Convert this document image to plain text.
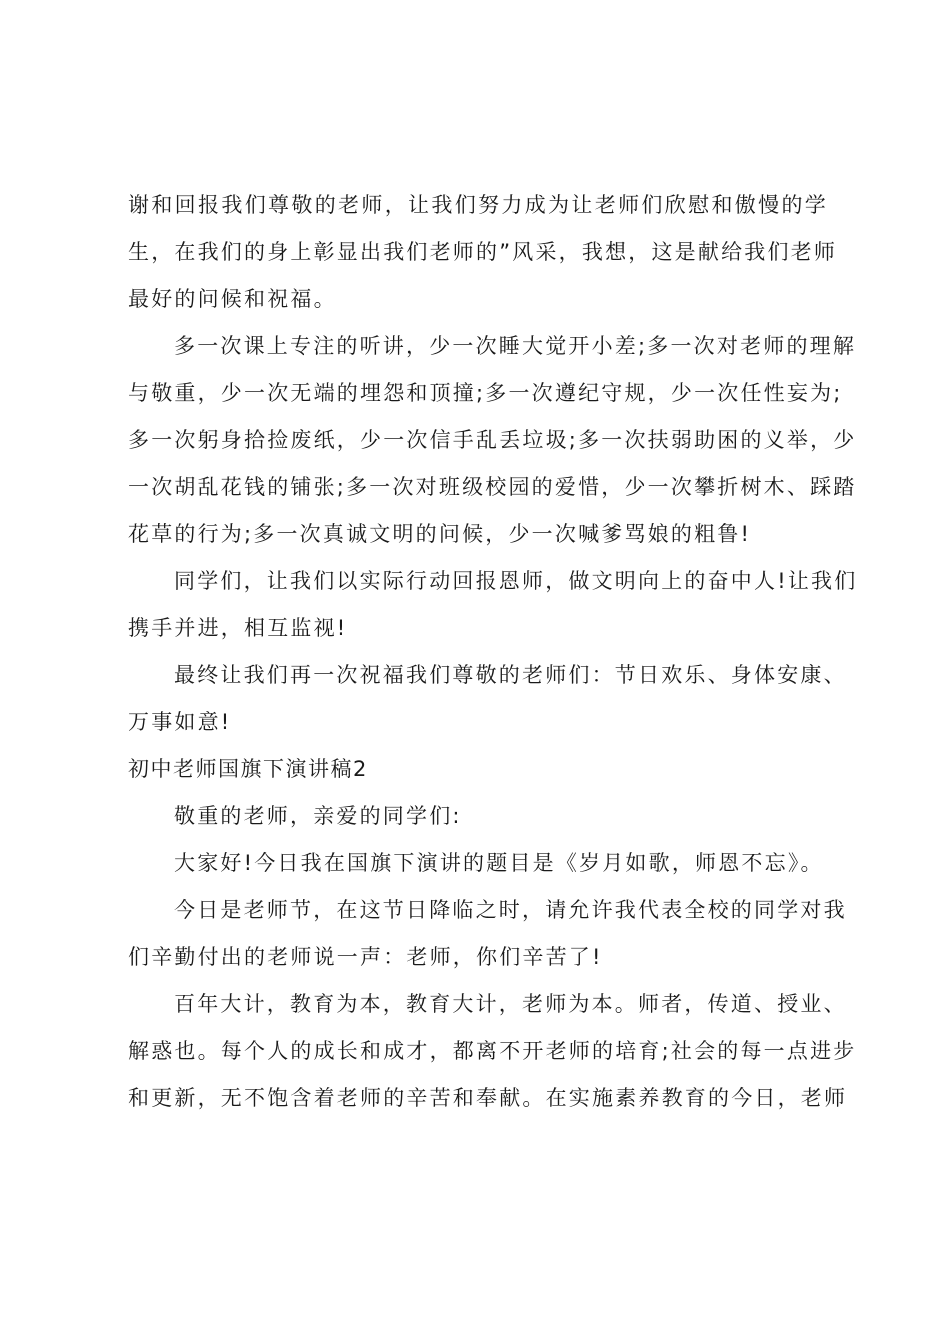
谢和回报我们尊敬的老师，让我们努力成为让老师们欣慰和傲慢的学
生，在我们的身上彰显出我们老师的”风采，我想，这是献给我们老师
最好的问候和祝福。
多一次课上专注的听讲，少一次睡大觉开小差;多一次对老师的理解
与敬重，少一次无端的埋怨和顶撞;多一次遵纪守规，少一次任性妄为;
多一次躬身拾捡废纸，少一次信手乱丢垃圾;多一次扶弱助困的义举，少
一次胡乱花钱的铺张;多一次对班级校园的爱惜，少一次攀折树木、踩踏
花草的行为;多一次真诚文明的问候，少一次喊爹骂娘的粗鲁!
同学们，让我们以实际行动回报恩师，做文明向上的奋中人!让我们
携手并进，相互监视!
最终让我们再一次祝福我们尊敬的老师们：节日欢乐、身体安康、
万事如意!
初中老师国旗下演讲稿2
敬重的老师，亲爱的同学们:
大家好!今日我在国旗下演讲的题目是《岁月如歌，师恩不忘》。
今日是老师节，在这节日降临之时，请允许我代表全校的同学对我
们辛勤付出的老师说一声：老师，你们辛苦了!
百年大计，教育为本，教育大计，老师为本。师者，传道、授业、
解惑也。每个人的成长和成才，都离不开老师的培育;社会的每一点进步
和更新，无不饱含着老师的辛苦和奉献。在实施素养教育的今日，老师
